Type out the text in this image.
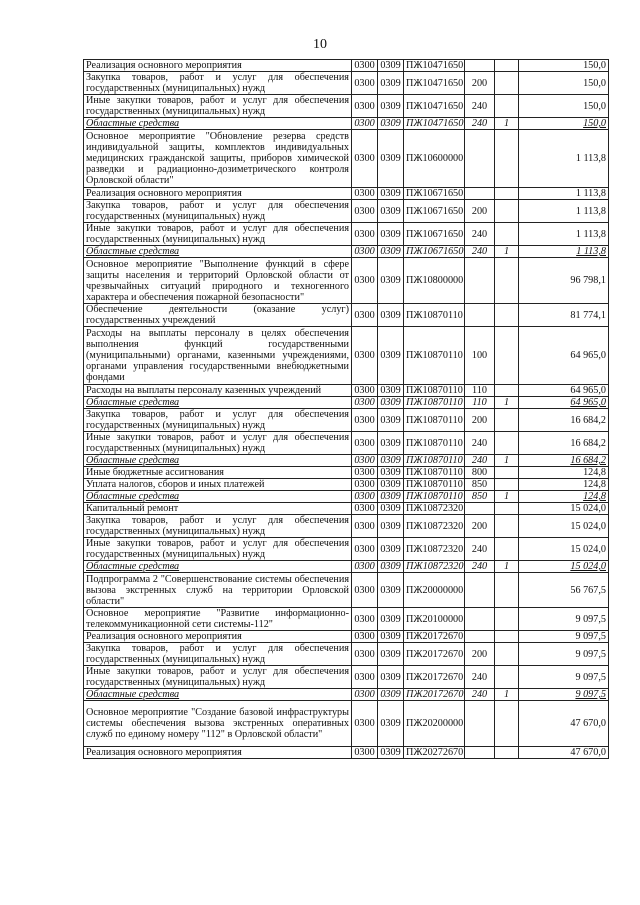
10
Реализация основного мероприятия	0300	0309	ПЖ10471650			150,0
Закупка товаров, работ и услуг для обеспечения государственных (муниципальных) нужд	0300	0309	ПЖ10471650	200		150,0
Иные закупки товаров, работ и услуг для обеспечения государственных (муниципальных) нужд	0300	0309	ПЖ10471650	240		150,0
Областные средства	0300	0309	ПЖ10471650	240	1	150,0
Основное мероприятие "Обновление резерва средств индивидуальной защиты, комплектов индивидуальных медицинских гражданской защиты, приборов химической разведки и радиационно-дозиметрического контроля Орловской области"	0300	0309	ПЖ10600000			1 113,8
Реализация основного мероприятия	0300	0309	ПЖ10671650			1 113,8
Закупка товаров, работ и услуг для обеспечения государственных (муниципальных) нужд	0300	0309	ПЖ10671650	200		1 113,8
Иные закупки товаров, работ и услуг для обеспечения государственных (муниципальных) нужд	0300	0309	ПЖ10671650	240		1 113,8
Областные средства	0300	0309	ПЖ10671650	240	1	1 113,8
Основное мероприятие "Выполнение функций в сфере защиты населения и территорий Орловской области от чрезвычайных ситуаций природного и техногенного характера и обеспечения пожарной безопасности"	0300	0309	ПЖ10800000			96 798,1
Обеспечение деятельности (оказание услуг) государственных учреждений	0300	0309	ПЖ10870110			81 774,1
Расходы на выплаты персоналу в целях обеспечения выполнения функций государственными (муниципальными) органами, казенными учреждениями, органами управления государственными внебюджетными фондами	0300	0309	ПЖ10870110	100		64 965,0
Расходы на выплаты персоналу казенных учреждений	0300	0309	ПЖ10870110	110		64 965,0
Областные средства	0300	0309	ПЖ10870110	110	1	64 965,0
Закупка товаров, работ и услуг для обеспечения государственных (муниципальных) нужд	0300	0309	ПЖ10870110	200		16 684,2
Иные закупки товаров, работ и услуг для обеспечения государственных (муниципальных) нужд	0300	0309	ПЖ10870110	240		16 684,2
Областные средства	0300	0309	ПЖ10870110	240	1	16 684,2
Иные бюджетные ассигнования	0300	0309	ПЖ10870110	800		124,8
Уплата налогов, сборов и иных платежей	0300	0309	ПЖ10870110	850		124,8
Областные средства	0300	0309	ПЖ10870110	850	1	124,8
Капитальный ремонт	0300	0309	ПЖ10872320			15 024,0
Закупка товаров, работ и услуг для обеспечения государственных (муниципальных) нужд	0300	0309	ПЖ10872320	200		15 024,0
Иные закупки товаров, работ и услуг для обеспечения государственных (муниципальных) нужд	0300	0309	ПЖ10872320	240		15 024,0
Областные средства	0300	0309	ПЖ10872320	240	1	15 024,0
Подпрограмма 2 "Совершенствование системы обеспечения вызова экстренных служб на территории Орловской области"	0300	0309	ПЖ20000000			56 767,5
Основное мероприятие "Развитие информационно-телекоммуникационной сети системы-112"	0300	0309	ПЖ20100000			9 097,5
Реализация основного мероприятия	0300	0309	ПЖ20172670			9 097,5
Закупка товаров, работ и услуг для обеспечения государственных (муниципальных) нужд	0300	0309	ПЖ20172670	200		9 097,5
Иные закупки товаров, работ и услуг для обеспечения государственных (муниципальных) нужд	0300	0309	ПЖ20172670	240		9 097,5
Областные средства	0300	0309	ПЖ20172670	240	1	9 097,5
Основное мероприятие "Создание базовой инфраструктуры системы обеспечения вызова экстренных оперативных служб по единому номеру "112" в Орловской области"	0300	0309	ПЖ20200000			47 670,0
Реализация основного мероприятия	0300	0309	ПЖ20272670			47 670,0
